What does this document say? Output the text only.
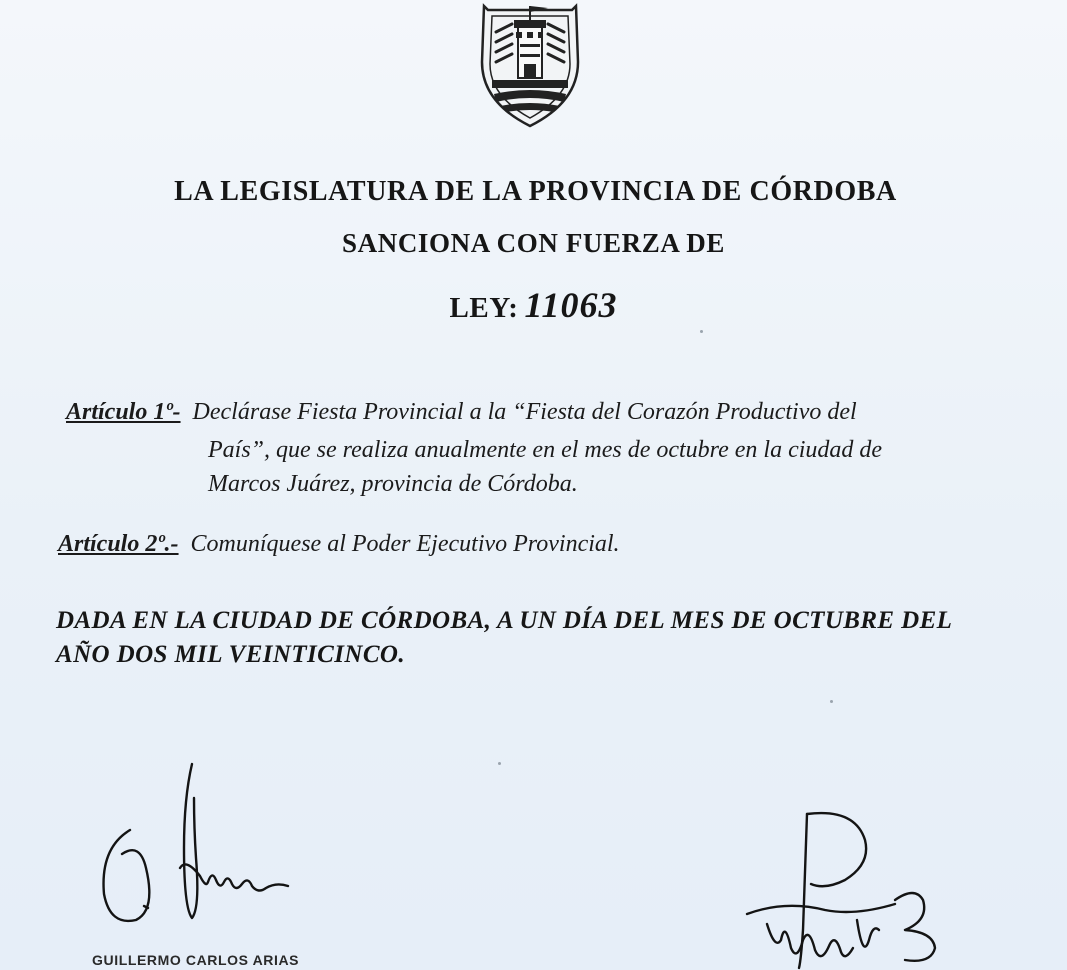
LA LEGISLATURA DE LA PROVINCIA DE CÓRDOBA
SANCIONA CON FUERZA DE
LEY: 11063
Artículo 1º- Declárase Fiesta Provincial a la “Fiesta del Corazón Productivo del
País”, que se realiza anualmente en el mes de octubre en la ciudad de
Marcos Juárez, provincia de Córdoba.
Artículo 2º.- Comuníquese al Poder Ejecutivo Provincial.
DADA EN LA CIUDAD DE CÓRDOBA, A UN DÍA DEL MES DE OCTUBRE DEL
AÑO DOS MIL VEINTICINCO.
GUILLERMO CARLOS ARIAS
